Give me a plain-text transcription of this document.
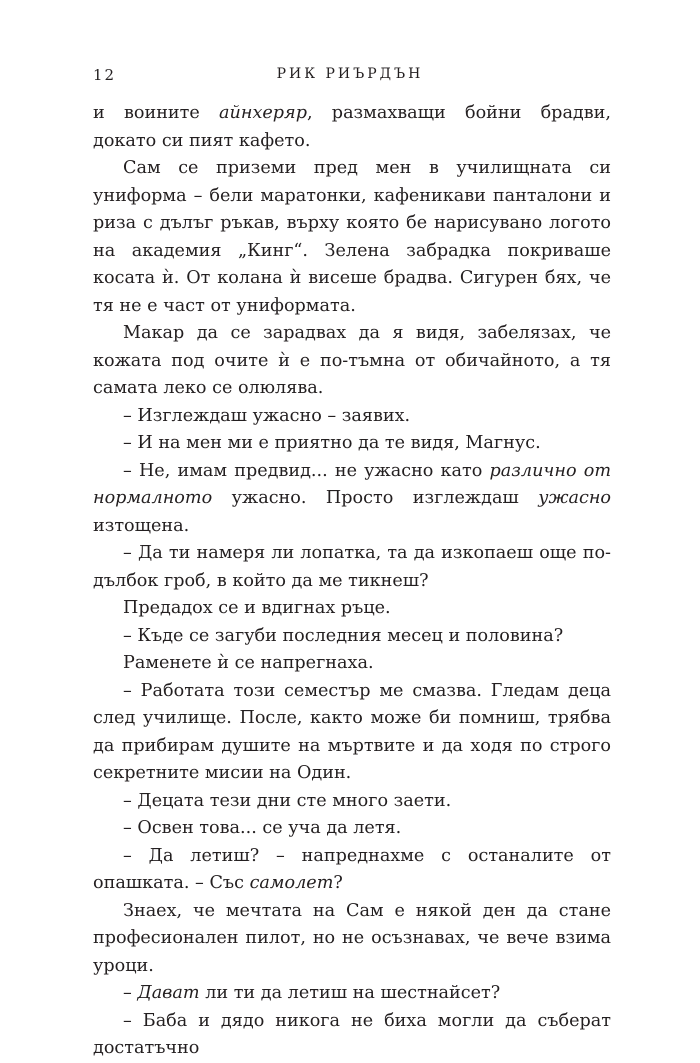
12	РИК РИЪРДЪН

и воините айнхеряр, размахващи бойни брадви, докато си пият кафето.

Сам се приземи пред мен в училищната си униформа – бели маратонки, кафеникави панталони и риза с дълъг ръкав, върху която бе нарисувано логото на академия „Кинг“. Зелена забрадка покриваше косата ѝ. От колана ѝ висеше брадва. Сигурен бях, че тя не е част от униформата.

Макар да се зарадвах да я видя, забелязах, че кожата под очите ѝ е по-тъмна от обичайното, а тя самата леко се олюлява.

– Изглеждаш ужасно – заявих.

– И на мен ми е приятно да те видя, Магнус.

– Не, имам предвид... не ужасно като различно от нормалното ужасно. Просто изглеждаш ужасно изтощена.

– Да ти намеря ли лопатка, та да изкопаеш още по-дълбок гроб, в който да ме тикнеш?

Предадох се и вдигнах ръце.

– Къде се загуби последния месец и половина?

Раменете ѝ се напрегнаха.

– Работата този семестър ме смазва. Гледам деца след училище. После, както може би помниш, трябва да прибирам душите на мъртвите и да ходя по строго секретните мисии на Один.

– Децата тези дни сте много заети.

– Освен това... се уча да летя.

– Да летиш? – напреднахме с останалите от опашката. – Със самолет?

Знаех, че мечтата на Сам е някой ден да стане професионален пилот, но не осъзнавах, че вече взима уроци.

– Дават ли ти да летиш на шестнайсет?

– Баба и дядо никога не биха могли да съберат достатъчно
